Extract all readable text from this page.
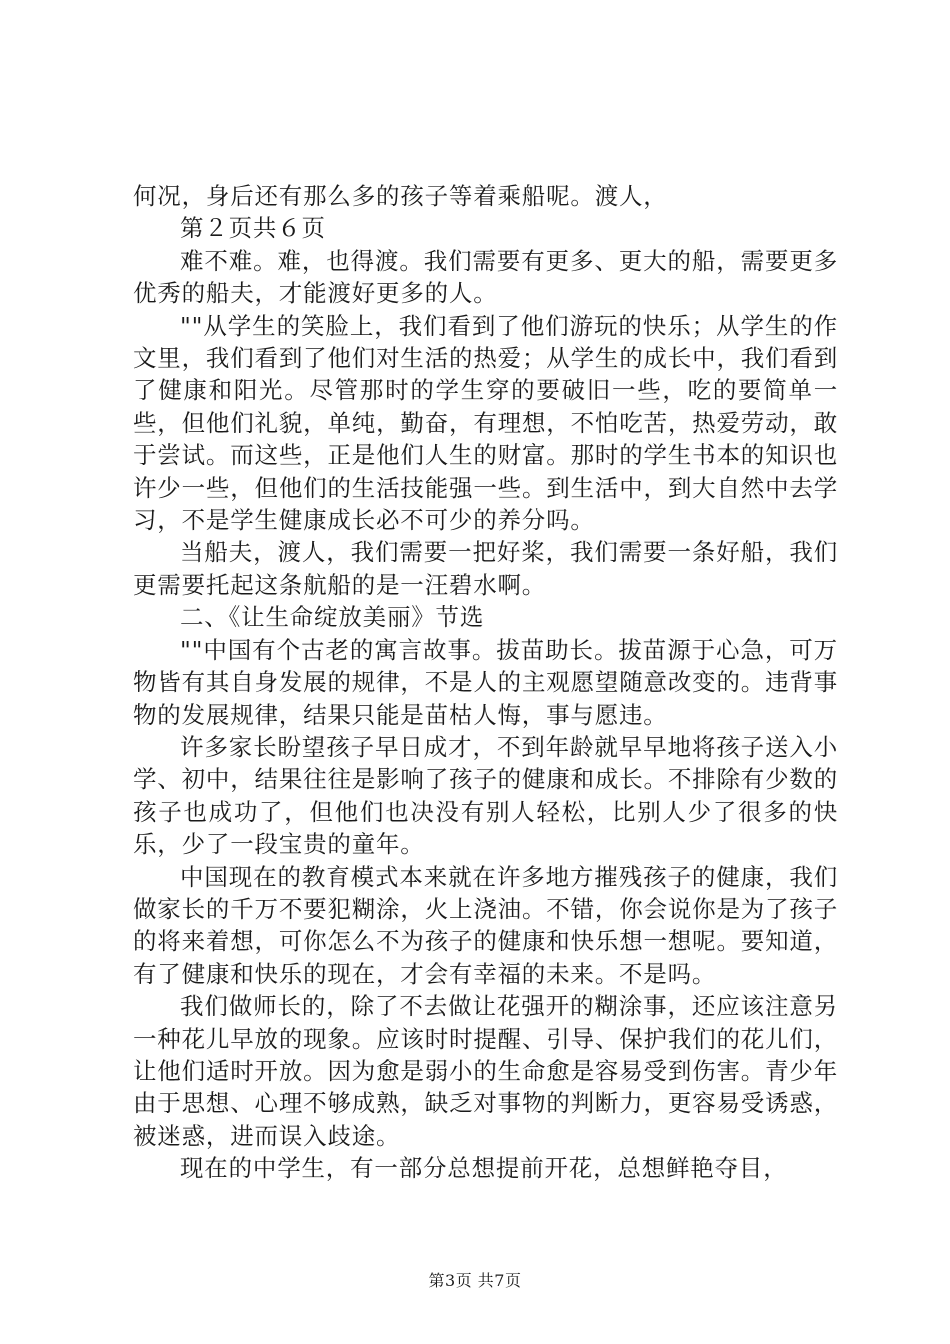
何况，身后还有那么多的孩子等着乘船呢。渡人，

第２页共６页

难不难。难，也得渡。我们需要有更多、更大的船，需要更多优秀的船夫，才能渡好更多的人。

""从学生的笑脸上，我们看到了他们游玩的快乐；从学生的作文里，我们看到了他们对生活的热爱；从学生的成长中，我们看到了健康和阳光。尽管那时的学生穿的要破旧一些，吃的要简单一些，但他们礼貌，单纯，勤奋，有理想，不怕吃苦，热爱劳动，敢于尝试。而这些，正是他们人生的财富。那时的学生书本的知识也许少一些，但他们的生活技能强一些。到生活中，到大自然中去学习，不是学生健康成长必不可少的养分吗。

当船夫，渡人，我们需要一把好桨，我们需要一条好船，我们更需要托起这条航船的是一汪碧水啊。

二、《让生命绽放美丽》节选

""中国有个古老的寓言故事。拔苗助长。拔苗源于心急，可万物皆有其自身发展的规律，不是人的主观愿望随意改变的。违背事物的发展规律，结果只能是苗枯人悔，事与愿违。

许多家长盼望孩子早日成才，不到年龄就早早地将孩子送入小学、初中，结果往往是影响了孩子的健康和成长。不排除有少数的孩子也成功了，但他们也决没有别人轻松，比别人少了很多的快乐，少了一段宝贵的童年。

中国现在的教育模式本来就在许多地方摧残孩子的健康，我们做家长的千万不要犯糊涂，火上浇油。不错，你会说你是为了孩子的将来着想，可你怎么不为孩子的健康和快乐想一想呢。要知道，有了健康和快乐的现在，才会有幸福的未来。不是吗。

我们做师长的，除了不去做让花强开的糊涂事，还应该注意另一种花儿早放的现象。应该时时提醒、引导、保护我们的花儿们，让他们适时开放。因为愈是弱小的生命愈是容易受到伤害。青少年由于思想、心理不够成熟，缺乏对事物的判断力，更容易受诱惑，被迷惑，进而误入歧途。

现在的中学生，有一部分总想提前开花，总想鲜艳夺目，

第3页 共7页
